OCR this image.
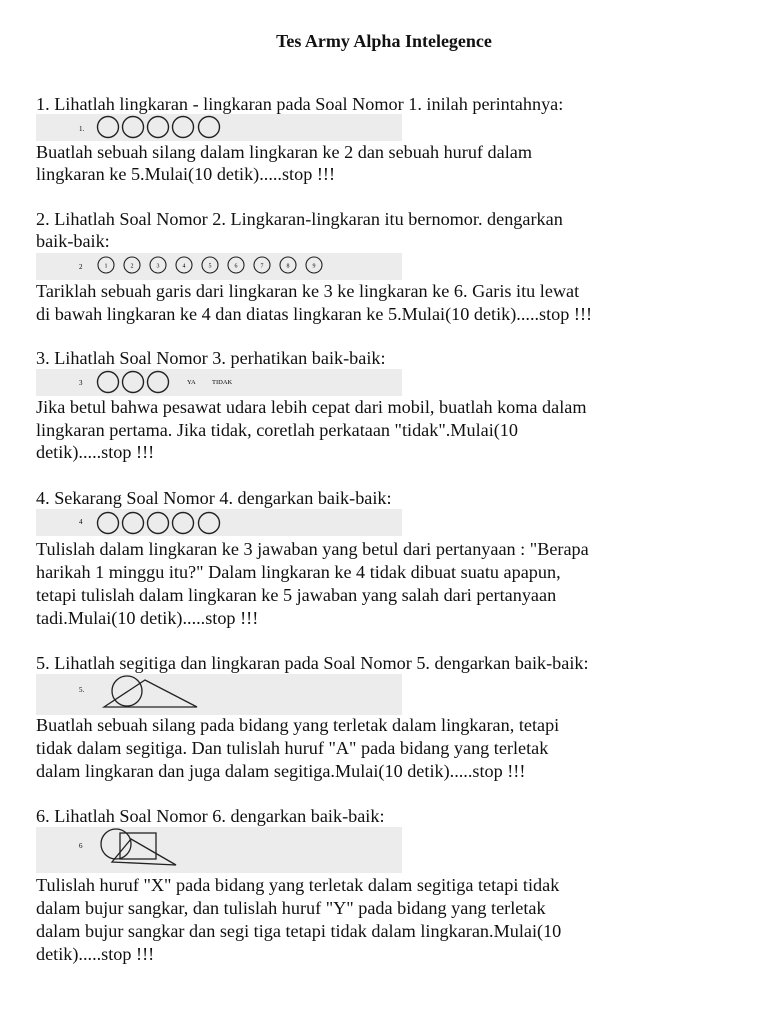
Tes Army Alpha Intelegence
1. Lihatlah lingkaran - lingkaran pada Soal Nomor 1. inilah perintahnya:
1.
Buatlah sebuah silang dalam lingkaran ke 2 dan sebuah huruf dalam
lingkaran ke 5.Mulai(10 detik).....stop !!!
2. Lihatlah Soal Nomor 2. Lingkaran-lingkaran itu bernomor. dengarkan
baik-baik:
2	1	2	3	4	5	6	7	8	9
Tariklah sebuah garis dari lingkaran ke 3 ke lingkaran ke 6. Garis itu lewat
di bawah lingkaran ke 4 dan diatas lingkaran ke 5.Mulai(10 detik).....stop !!!
3. Lihatlah Soal Nomor 3. perhatikan baik-baik:
3	YA	TIDAK
Jika betul bahwa pesawat udara lebih cepat dari mobil, buatlah koma dalam
lingkaran pertama. Jika tidak, coretlah perkataan "tidak".Mulai(10
detik).....stop !!!
4. Sekarang Soal Nomor 4. dengarkan baik-baik:
4
Tulislah dalam lingkaran ke 3 jawaban yang betul dari pertanyaan : "Berapa
harikah 1 minggu itu?" Dalam lingkaran ke 4 tidak dibuat suatu apapun,
tetapi tulislah dalam lingkaran ke 5 jawaban yang salah dari pertanyaan
tadi.Mulai(10 detik).....stop !!!
5. Lihatlah segitiga dan lingkaran pada Soal Nomor 5. dengarkan baik-baik:
5.
Buatlah sebuah silang pada bidang yang terletak dalam lingkaran, tetapi
tidak dalam segitiga. Dan tulislah huruf "A" pada bidang yang terletak
dalam lingkaran dan juga dalam segitiga.Mulai(10 detik).....stop !!!
6. Lihatlah Soal Nomor 6. dengarkan baik-baik:
6
Tulislah huruf "X" pada bidang yang terletak dalam segitiga tetapi tidak
dalam bujur sangkar, dan tulislah huruf "Y" pada bidang yang terletak
dalam bujur sangkar dan segi tiga tetapi tidak dalam lingkaran.Mulai(10
detik).....stop !!!
